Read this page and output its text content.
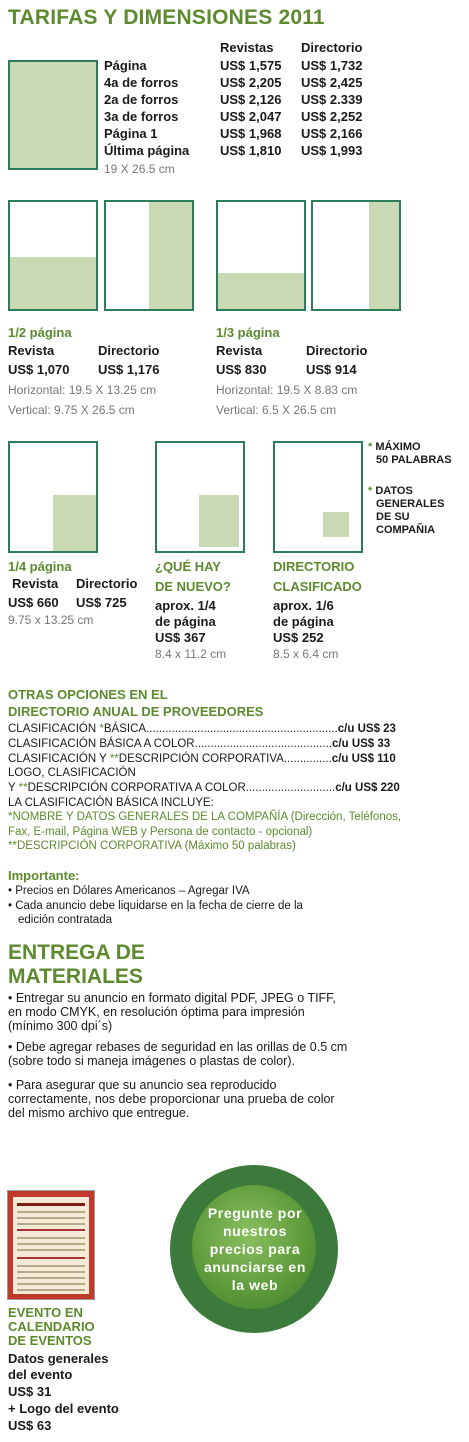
TARIFAS Y DIMENSIONES 2011
Revistas Directorio
Página	US$ 1,575	US$ 1,732
4a de forros	US$ 2,205	US$ 2,425
2a de forros	US$ 2,126	US$ 2.339
3a de forros	US$ 2,047	US$ 2,252
Página 1	US$ 1,968	US$ 2,166
Última página	US$ 1,810	US$ 1,993
19 X 26.5 cm
1/2 página
Revista	Directorio
US$ 1,070 US$ 1,176
Horizontal: 19.5 X 13.25 cm
Vertical: 9.75 X 26.5 cm
1/3 página
Revista	Directorio
US$ 830	US$ 914
Horizontal: 19.5 X 8.83 cm
Vertical: 6.5 X 26.5 cm
* MÁXIMO
50 PALABRAS
* DATOS
GENERALES
DE SU
COMPAÑIA
1/4 página
Revista Directorio
US$ 660 US$ 725
9.75 x 13.25 cm
¿QUÉ HAY
DE NUEVO?
aprox. 1/4
de página
US$ 367
8.4 x 11.2 cm
DIRECTORIO
CLASIFICADO
aprox. 1/6
de página
US$ 252
8.5 x 6.4 cm
OTRAS OPCIONES EN EL
DIRECTORIO ANUAL DE PROVEEDORES
CLASIFICACIÓN *BÁSICA............................................................c/u US$ 23
CLASIFICACIÓN BÁSICA A COLOR...........................................c/u US$ 33
CLASIFICACIÓN Y **DESCRIPCIÓN CORPORATIVA...............c/u US$ 110
LOGO, CLASIFICACIÓN
Y **DESCRIPCIÓN CORPORATIVA A COLOR............................c/u US$ 220
LA CLASIFICACIÓN BÁSICA INCLUYE:
*NOMBRE Y DATOS GENERALES DE LA COMPAÑÍA (Dirección, Teléfonos,
Fax, E-mail, Página WEB y Persona de contacto - opcional)
**DESCRIPCIÓN CORPORATIVA (Máximo 50 palabras)
Importante:
• Precios en Dólares Americanos – Agregar IVA
• Cada anuncio debe liquidarse en la fecha de cierre de la
edición contratada
ENTREGA DE
MATERIALES
• Entregar su anuncio en formato digital PDF, JPEG o TIFF,
en modo CMYK, en resolución óptima para impresión
(mínimo 300 dpi´s)
• Debe agregar rebases de seguridad en las orillas de 0.5 cm
(sobre todo si maneja imágenes o plastas de color).
• Para asegurar que su anuncio sea reproducido
correctamente, nos debe proporcionar una prueba de color
del mismo archivo que entregue.
EVENTO EN
CALENDARIO
DE EVENTOS
Datos generales
del evento
US$ 31
+ Logo del evento
US$ 63
Pregunte por
nuestros
precios para
anunciarse en
la web
